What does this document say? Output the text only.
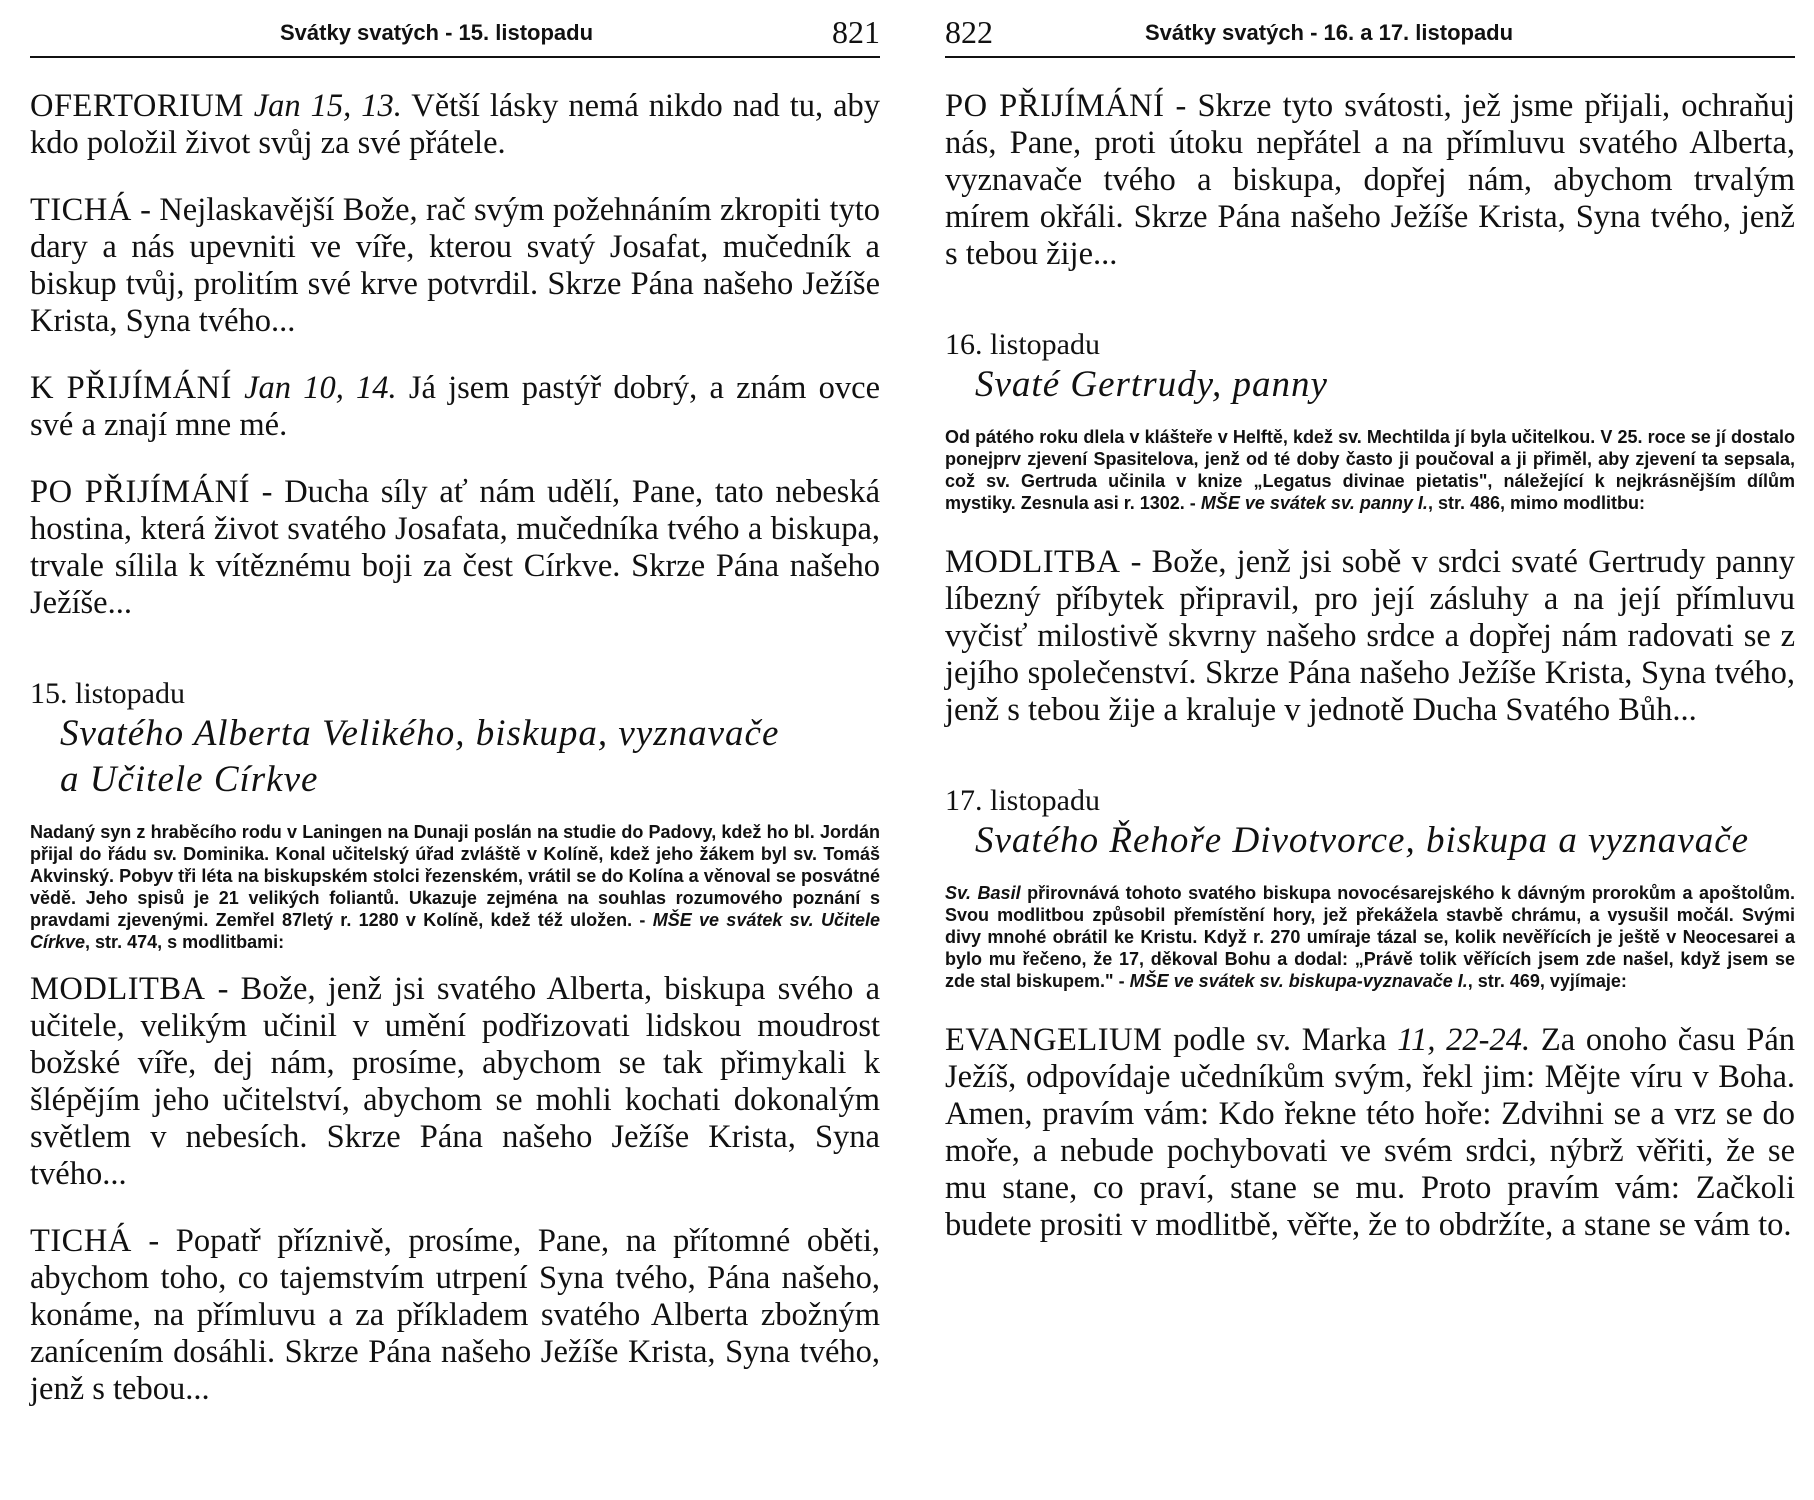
Svátky svatých - 15. listopadu	821

OFERTORIUM Jan 15, 13. Větší lásky nemá nikdo nad tu, aby kdo položil život svůj za své přátele.

TICHÁ - Nejlaskavější Bože, rač svým požehnáním zkropiti tyto dary a nás upevniti ve víře, kterou svatý Josafat, mučedník a biskup tvůj, prolitím své krve potvrdil. Skrze Pána našeho Ježíše Krista, Syna tvého...

K PŘIJÍMÁNÍ Jan 10, 14. Já jsem pastýř dobrý, a znám ovce své a znají mne mé.

PO PŘIJÍMÁNÍ - Ducha síly ať nám udělí, Pane, tato nebeská hostina, která život svatého Josafata, mučedníka tvého a biskupa, trvale sílila k vítěznému boji za čest Církve. Skrze Pána našeho Ježíše...

15. listopadu

Svatého Alberta Velikého, biskupa, vyznavače

a Učitele Církve

Nadaný syn z hraběcího rodu v Laningen na Dunaji poslán na studie do Padovy, kdež ho bl. Jordán přijal do řádu sv. Dominika. Konal učitelský úřad zvláště v Kolíně, kdež jeho žákem byl sv. Tomáš Akvinský. Pobyv tři léta na biskupském stolci řezenském, vrátil se do Kolína a věnoval se posvátné vědě. Jeho spisů je 21 velikých foliantů. Ukazuje zejména na souhlas rozumového poznání s pravdami zjevenými. Zemřel 87letý r. 1280 v Kolíně, kdež též uložen. - MŠE ve svátek sv. Učitele Církve, str. 474, s modlitbami:

MODLITBA - Bože, jenž jsi svatého Alberta, biskupa svého a učitele, velikým učinil v umění podřizovati lidskou moudrost božské víře, dej nám, prosíme, abychom se tak přimykali k šlépějím jeho učitelství, abychom se mohli kochati dokonalým světlem v nebesích. Skrze Pána našeho Ježíše Krista, Syna tvého...

TICHÁ - Popatř příznivě, prosíme, Pane, na přítomné oběti, abychom toho, co tajemstvím utrpení Syna tvého, Pána našeho, konáme, na přímluvu a za příkladem svatého Alberta zbožným zanícením dosáhli. Skrze Pána našeho Ježíše Krista, Syna tvého, jenž s tebou...

822	Svátky svatých - 16. a 17. listopadu

PO PŘIJÍMÁNÍ - Skrze tyto svátosti, jež jsme přijali, ochraňuj nás, Pane, proti útoku nepřátel a na přímluvu svatého Alberta, vyznavače tvého a biskupa, dopřej nám, abychom trvalým mírem okřáli. Skrze Pána našeho Ježíše Krista, Syna tvého, jenž s tebou žije...

16. listopadu

Svaté Gertrudy, panny

Od pátého roku dlela v klášteře v Helftě, kdež sv. Mechtilda jí byla učitelkou. V 25. roce se jí dostalo ponejprv zjevení Spasitelova, jenž od té doby často ji poučoval a ji přiměl, aby zjevení ta sepsala, což sv. Gertruda učinila v knize „Legatus divinae pietatis", náležející k nejkrásnějším dílům mystiky. Zesnula asi r. 1302. - MŠE ve svátek sv. panny I., str. 486, mimo modlitbu:

MODLITBA - Bože, jenž jsi sobě v srdci svaté Gertrudy panny líbezný příbytek připravil, pro její zásluhy a na její přímluvu vyčisť milostivě skvrny našeho srdce a dopřej nám radovati se z jejího společenství. Skrze Pána našeho Ježíše Krista, Syna tvého, jenž s tebou žije a kraluje v jednotě Ducha Svatého Bůh...

17. listopadu

Svatého Řehoře Divotvorce, biskupa a vyznavače

Sv. Basil přirovnává tohoto svatého biskupa novocésarejského k dávným prorokům a apoštolům. Svou modlitbou způsobil přemístění hory, jež překážela stavbě chrámu, a vysušil močál. Svými divy mnohé obrátil ke Kristu. Když r. 270 umíraje tázal se, kolik nevěřících je ještě v Neocesarei a bylo mu řečeno, že 17, děkoval Bohu a dodal: „Právě tolik věřících jsem zde našel, když jsem se zde stal biskupem." - MŠE ve svátek sv. biskupa-vyznavače I., str. 469, vyjímaje:

EVANGELIUM podle sv. Marka 11, 22-24. Za onoho času Pán Ježíš, odpovídaje učedníkům svým, řekl jim: Mějte víru v Boha. Amen, pravím vám: Kdo řekne této hoře: Zdvihni se a vrz se do moře, a nebude pochybovati ve svém srdci, nýbrž věřiti, že se mu stane, co praví, stane se mu. Proto pravím vám: Začkoli budete prositi v modlitbě, věřte, že to obdržíte, a stane se vám to.
